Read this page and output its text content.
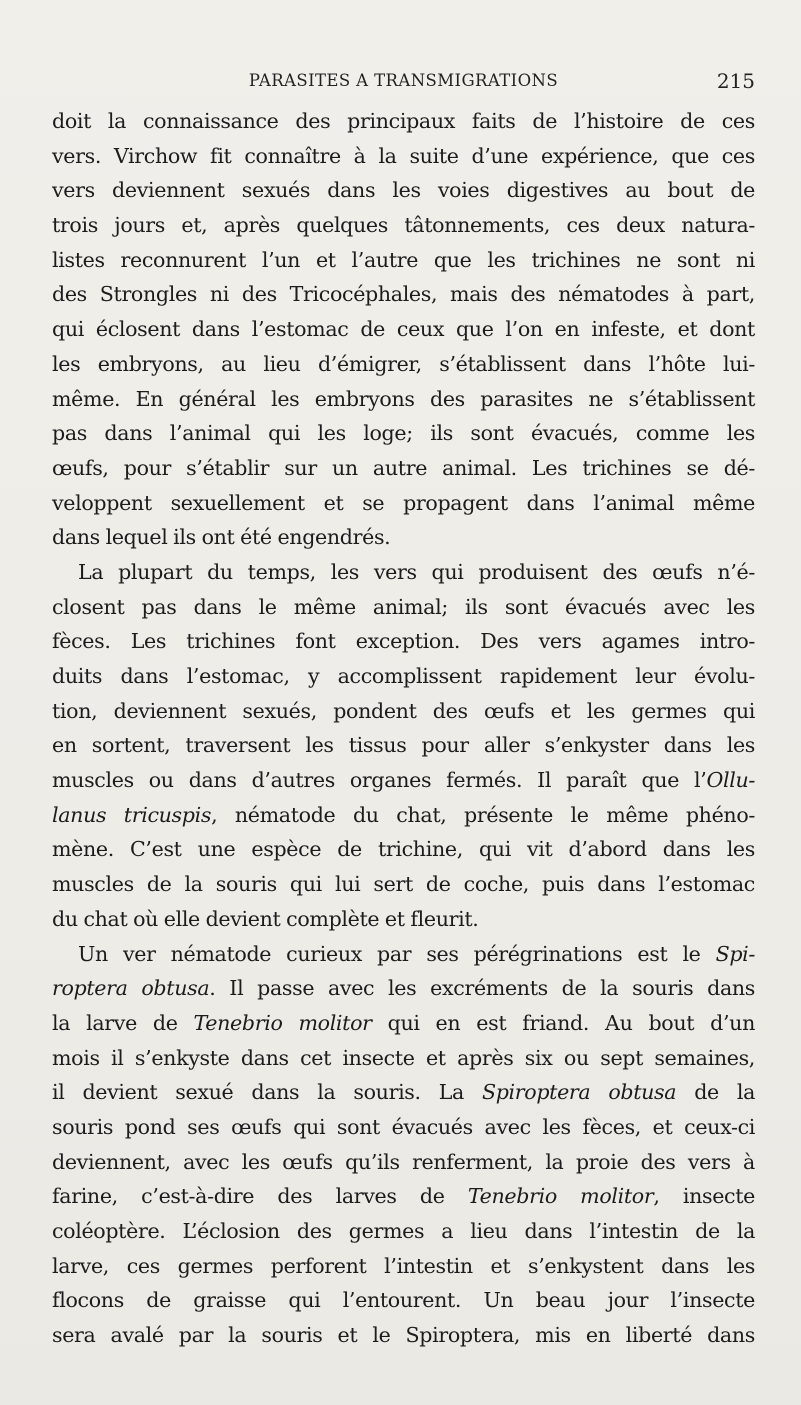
PARASITES A TRANSMIGRATIONS	215
doit la connaissance des principaux faits de l’histoire de ces
vers. Virchow fit connaître à la suite d’une expérience, que ces
vers deviennent sexués dans les voies digestives au bout de
trois jours et, après quelques tâtonnements, ces deux natura-
listes reconnurent l’un et l’autre que les trichines ne sont ni
des Strongles ni des Tricocéphales, mais des nématodes à part,
qui éclosent dans l’estomac de ceux que l’on en infeste, et dont
les embryons, au lieu d’émigrer, s’établissent dans l’hôte lui-
même. En général les embryons des parasites ne s’établissent
pas dans l’animal qui les loge; ils sont évacués, comme les
œufs, pour s’établir sur un autre animal. Les trichines se dé-
veloppent sexuellement et se propagent dans l’animal même
dans lequel ils ont été engendrés.
La plupart du temps, les vers qui produisent des œufs n’é-
closent pas dans le même animal; ils sont évacués avec les
fèces. Les trichines font exception. Des vers agames intro-
duits dans l’estomac, y accomplissent rapidement leur évolu-
tion, deviennent sexués, pondent des œufs et les germes qui
en sortent, traversent les tissus pour aller s’enkyster dans les
muscles ou dans d’autres organes fermés. Il paraît que l’Ollu-
lanus tricuspis, nématode du chat, présente le même phéno-
mène. C’est une espèce de trichine, qui vit d’abord dans les
muscles de la souris qui lui sert de coche, puis dans l’estomac
du chat où elle devient complète et fleurit.
Un ver nématode curieux par ses pérégrinations est le Spi-
roptera obtusa. Il passe avec les excréments de la souris dans
la larve de Tenebrio molitor qui en est friand. Au bout d’un
mois il s’enkyste dans cet insecte et après six ou sept semaines,
il devient sexué dans la souris. La Spiroptera obtusa de la
souris pond ses œufs qui sont évacués avec les fèces, et ceux-ci
deviennent, avec les œufs qu’ils renferment, la proie des vers à
farine, c’est-à-dire des larves de Tenebrio molitor, insecte
coléoptère. L’éclosion des germes a lieu dans l’intestin de la
larve, ces germes perforent l’intestin et s’enkystent dans les
flocons de graisse qui l’entourent. Un beau jour l’insecte
sera avalé par la souris et le Spiroptera, mis en liberté dans
